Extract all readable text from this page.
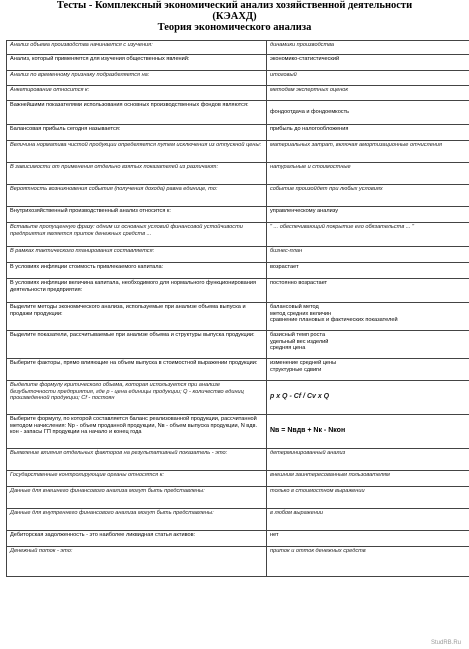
Тесты - Комплексный экономический анализ хозяйственной деятельности
(КЭАХД)
Теория экономического анализа
Анализ объема производства начинается с изучения:	динамики производства
Анализ, который применяется для изучения общественных явлений:	экономико-статистический
Анализ по временному признаку подразделяется на:	итоговый
Анкетирование относится к:	методам экспертных оценок
Важнейшими показателями использования основных производственных фондов являются:	фондоотдача и фондоемкость
Балансовая прибыль сегодня называется:	прибыль до налогообложения
Величина норматива чистой продукции определяется путем исключения из отпускной цены:	материальных затрат, включая амортизационные отчисления
В зависимости от применения отдельно взятых показателей из различают:	натуральные и стоимостные
Вероятность возникновения события (получения дохода) равна единице, то:	событие произойдет при любых условиях
Внутрихозяйственный производственный анализ относится к:	управленческому анализу
Вставьте пропущенную фразу: одним из основных условий финансовой устойчивости предприятия является приток денежных средств ...	" ... обеспечивающий покрытие его обязательств ... "
В рамках тактического планирования составляется:	бизнес-план
В условиях инфляции стоимость привлекаемого капитала:	возрастает
В условиях инфляции величина капитала, необходимого для нормального функционирования деятельности предприятия:	постоянно возрастает
Выделите методы экономического анализа, используемые при анализе объема выпуска и продажи продукции:	балансовый метод
метод средних величин
сравнение плановых и фактических показателей
Выделите показатели, рассчитываемые при анализе объема и структуры выпуска продукции:	базисный темп роста
удельный вес изделий
средняя цена
Выберите факторы, прямо влияющие на объем выпуска в стоимостной выражении продукции:	изменение средней цены
структурные сдвиги
Выделите формулу критического объема, которая используется при анализе безубыточности предприятия, где p - цена единицы продукции; Q - количество единиц произведенной продукции; Cf - постоян	p x Q - Cf / Cv x Q
Выберите формулу, по которой составляется баланс реализованной продукции, рассчитанной методом начисления: Nр - объем проданной продукции, Nв - объем выпуска продукции, N вдв. кон - запасы ГП продукции на начало и конец года	Nв = Nвдв + Nк - Nкон
Выявление влияния отдельных факторов на результативный показатель - это:	детерминированный анализ
Государственные контролирующие органы относятся к:	внешним заинтересованным пользователям
Данные для внешнего финансового анализа могут быть представлены:	только в стоимостном выражении
Данные для внутреннего финансового анализа могут быть представлены:	в любом выражении
Дебиторская задолженность - это наиболее ликвидная статья активов:	нет
Денежный поток - это:	приток и отток денежных средств
StudRB.Ru
